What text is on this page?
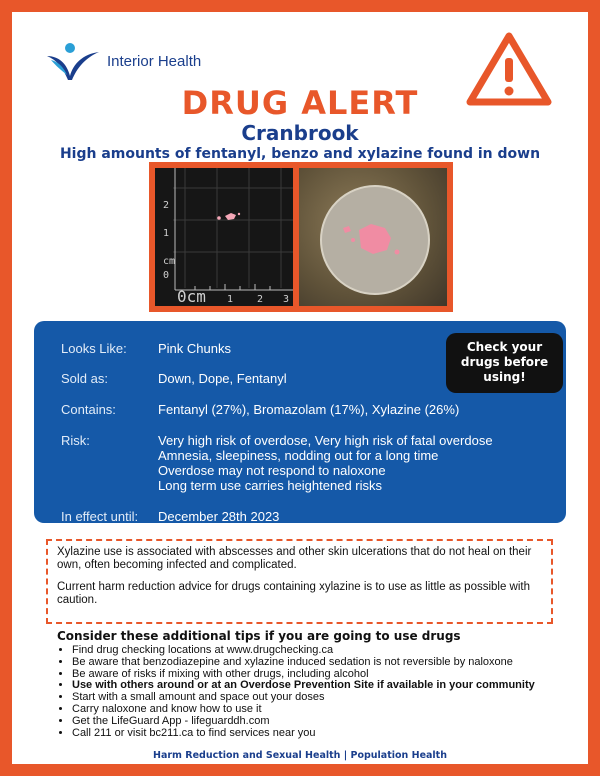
Interior Health
DRUG ALERT
Cranbrook
High amounts of fentanyl, benzo and xylazine found in down
2
1
cm
0
0cm 1 2 3
Check your
drugs before
using!
Looks Like:	Pink Chunks
Sold as:	Down, Dope, Fentanyl
Contains:	Fentanyl (27%), Bromazolam (17%), Xylazine (26%)
Risk:	Very high risk of overdose, Very high risk of fatal overdose
Amnesia, sleepiness, nodding out for a long time
Overdose may not respond to naloxone
Long term use carries heightened risks
In effect until:	December 28th 2023

Xylazine use is associated with abscesses and other skin ulcerations that do not heal on their own, often becoming infected and complicated.

Current harm reduction advice for drugs containing xylazine is to use as little as possible with caution.

Consider these additional tips if you are going to use drugs
• Find drug checking locations at www.drugchecking.ca
• Be aware that benzodiazepine and xylazine induced sedation is not reversible by naloxone
• Be aware of risks if mixing with other drugs, including alcohol
• Use with others around or at an Overdose Prevention Site if available in your community
• Start with a small amount and space out your doses
• Carry naloxone and know how to use it
• Get the LifeGuard App - lifeguarddh.com
• Call 211 or visit bc211.ca to find services near you
Harm Reduction and Sexual Health | Population Health
